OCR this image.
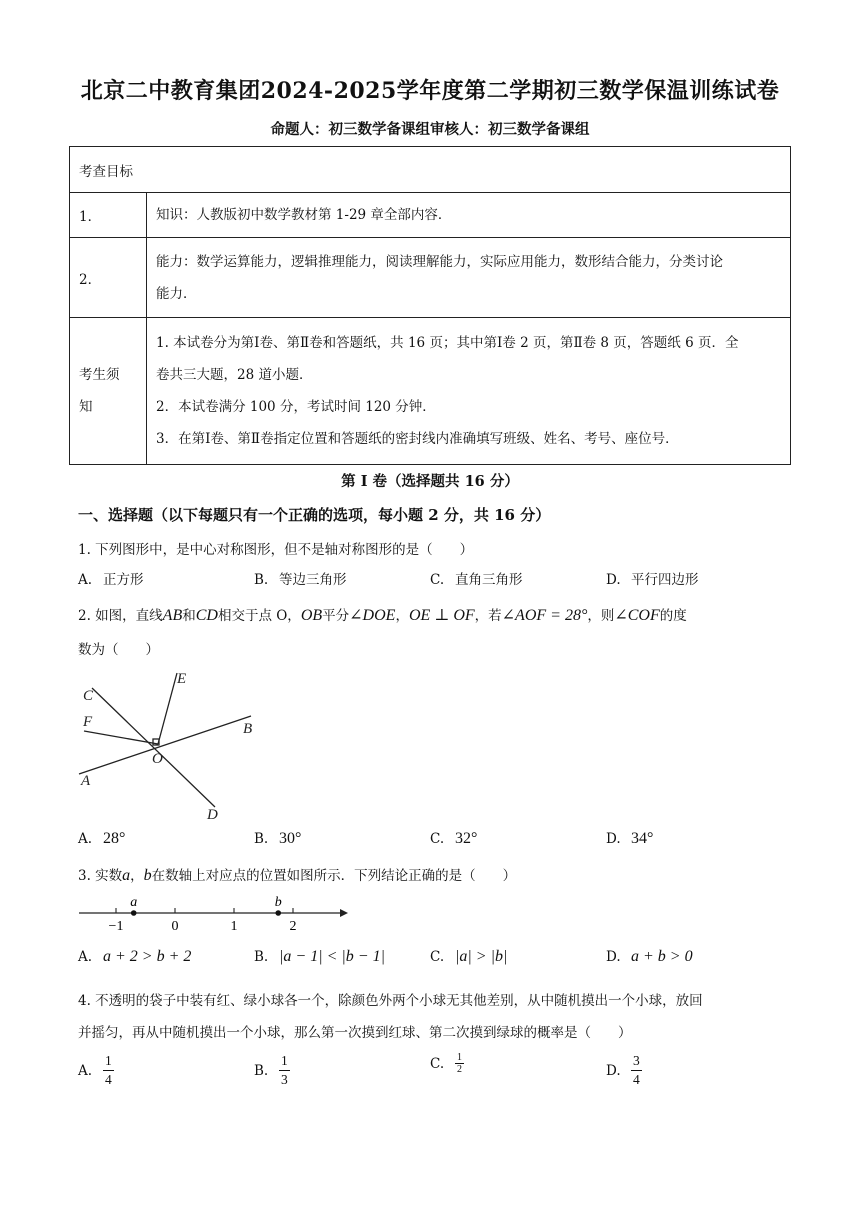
北京二中教育集团2024-2025学年度第二学期初三数学保温训练试卷
命题人：初三数学备课组审核人：初三数学备课组
考查目标	
1．	知识：人教版初中数学教材第 1-29 章全部内容．

2．	能力：数学运算能力，逻辑推理能力，阅读理解能力，实际应用能力，数形结合能力，分类讨论
能力．

考生须知	1. 本试卷分为第Ⅰ卷、第Ⅱ卷和答题纸，共 16 页；其中第Ⅰ卷 2 页，第Ⅱ卷 8 页，答题纸 6 页．全
卷共三大题，28 道小题．
2．本试卷满分 100 分，考试时间 120 分钟．
3．在第Ⅰ卷、第Ⅱ卷指定位置和答题纸的密封线内准确填写班级、姓名、考号、座位号．
第 I 卷（选择题共 16 分）
一、选择题（以下每题只有一个正确的选项，每小题 2 分，共 16 分）
1. 下列图形中，是中心对称图形，但不是轴对称图形的是（　　）
A. 正方形	B. 等边三角形	C. 直角三角形	D. 平行四边形
2. 如图，直线AB和CD相交于点 O，OB平分∠DOE，OE ⊥ OF，若∠AOF = 28°，则∠COF的度
数为（　　）
C
E
F	B
O
A
D
A. 28°	B. 30°	C. 32°	D. 34°
3. 实数a，b在数轴上对应点的位置如图所示．下列结论正确的是（　　）
−1	0	1	2
a	b
A. a + 2 > b + 2	B. |a − 1| < |b − 1|	C. |a| > |b|	D. a + b > 0
4. 不透明的袋子中装有红、绿小球各一个，除颜色外两个小球无其他差别，从中随机摸出一个小球，放回
并摇匀，再从中随机摸出一个小球，那么第一次摸到红球、第二次摸到绿球的概率是（　　）
A. $\frac{1}{4}$	B. $\frac{1}{3}$	C. $\frac{1}{2}$	D. $\frac{3}{4}$
